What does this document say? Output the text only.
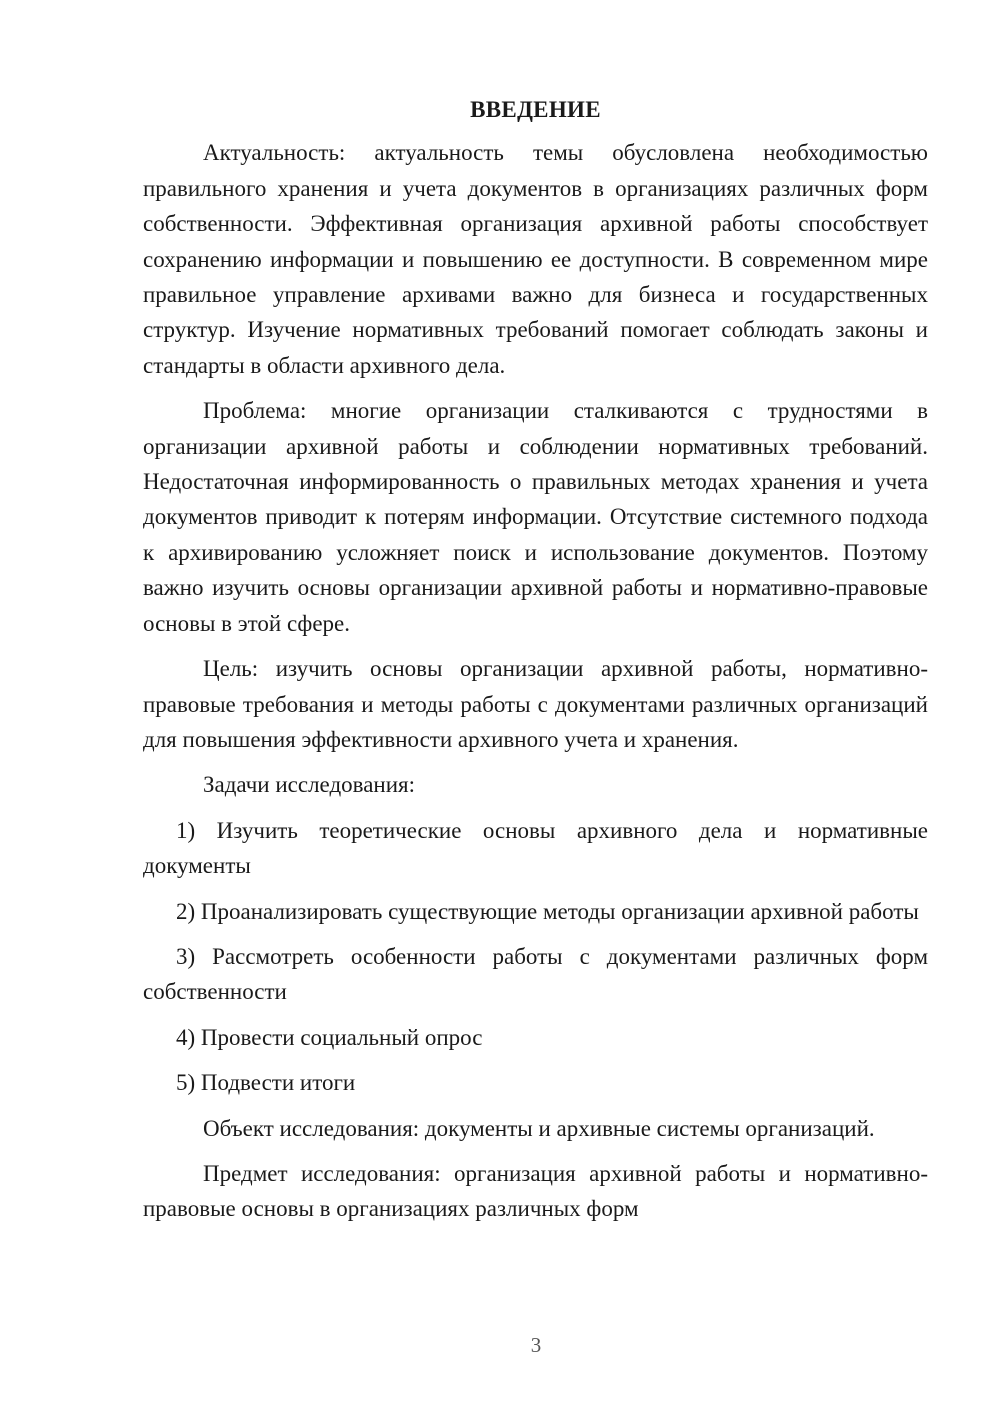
ВВЕДЕНИЕ

Актуальность: актуальность темы обусловлена необходимостью правильного хранения и учета документов в организациях различных форм собственности. Эффективная организация архивной работы способствует сохранению информации и повышению ее доступности. В современном мире правильное управление архивами важно для бизнеса и государственных структур. Изучение нормативных требований помогает соблюдать законы и стандарты в области архивного дела.

Проблема: многие организации сталкиваются с трудностями в организации архивной работы и соблюдении нормативных требований. Недостаточная информированность о правильных методах хранения и учета документов приводит к потерям информации. Отсутствие системного подхода к архивированию усложняет поиск и использование документов. Поэтому важно изучить основы организации архивной работы и нормативно-правовые основы в этой сфере.

Цель: изучить основы организации архивной работы, нормативно-правовые требования и методы работы с документами различных организаций для повышения эффективности архивного учета и хранения.

Задачи исследования:

1) Изучить теоретические основы архивного дела и нормативные документы

2) Проанализировать существующие методы организации архивной работы

3) Рассмотреть особенности работы с документами различных форм собственности

4) Провести социальный опрос

5) Подвести итоги

Объект исследования: документы и архивные системы организаций.

Предмет исследования: организация архивной работы и нормативно-правовые основы в организациях различных форм

3
